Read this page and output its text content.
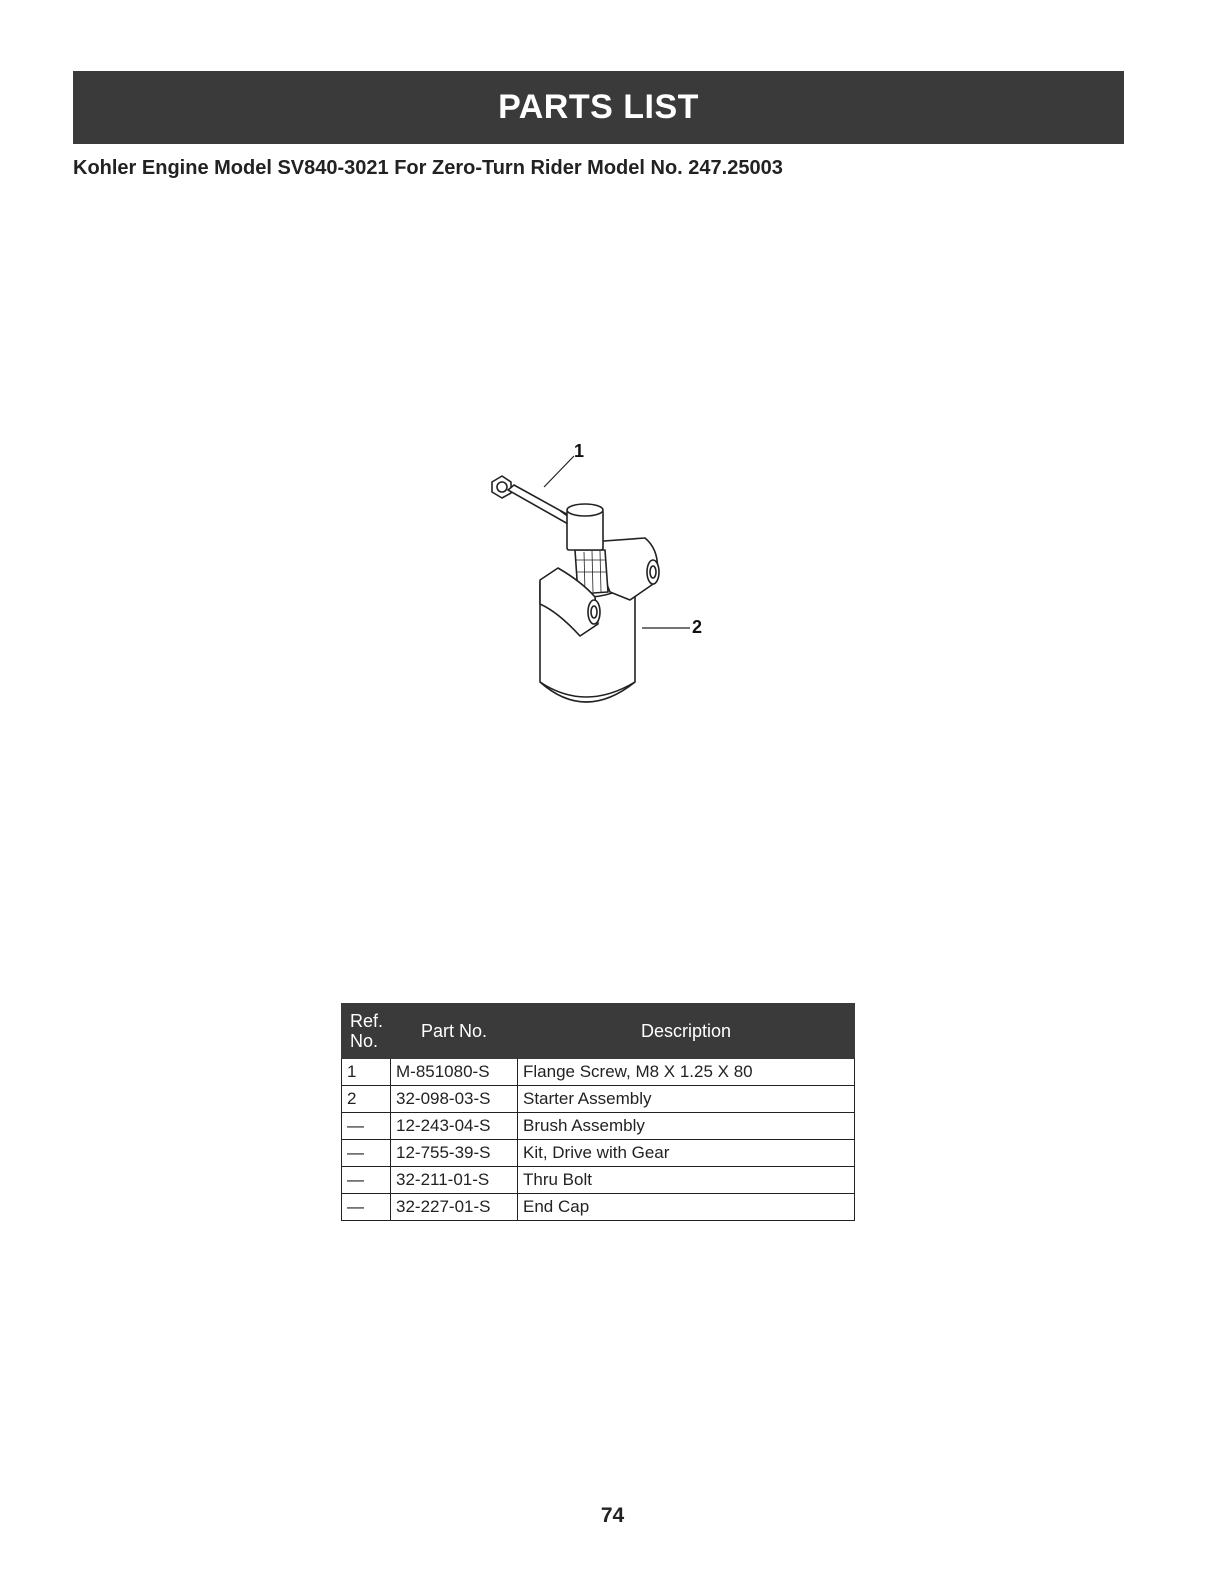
PARTS LIST
Kohler Engine Model SV840-3021 For Zero-Turn Rider Model No. 247.25003
1
2
Ref.
No.	Part No.	Description
1	M-851080-S	Flange Screw, M8 X 1.25 X 80
2	32-098-03-S	Starter Assembly
—	12-243-04-S	Brush Assembly
—	12-755-39-S	Kit, Drive with Gear
—	32-211-01-S	Thru Bolt
—	32-227-01-S	End Cap
74
